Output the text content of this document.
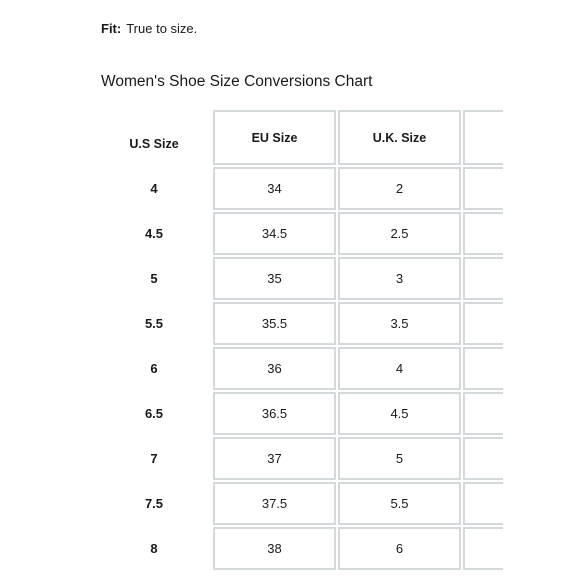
Fit: True to size.
Women's Shoe Size Conversions Chart
U.S Size	EU Size	U.K. Size	
4	34	2	
4.5	34.5	2.5	
5	35	3	
5.5	35.5	3.5	
6	36	4	
6.5	36.5	4.5	
7	37	5	
7.5	37.5	5.5	
8	38	6	
